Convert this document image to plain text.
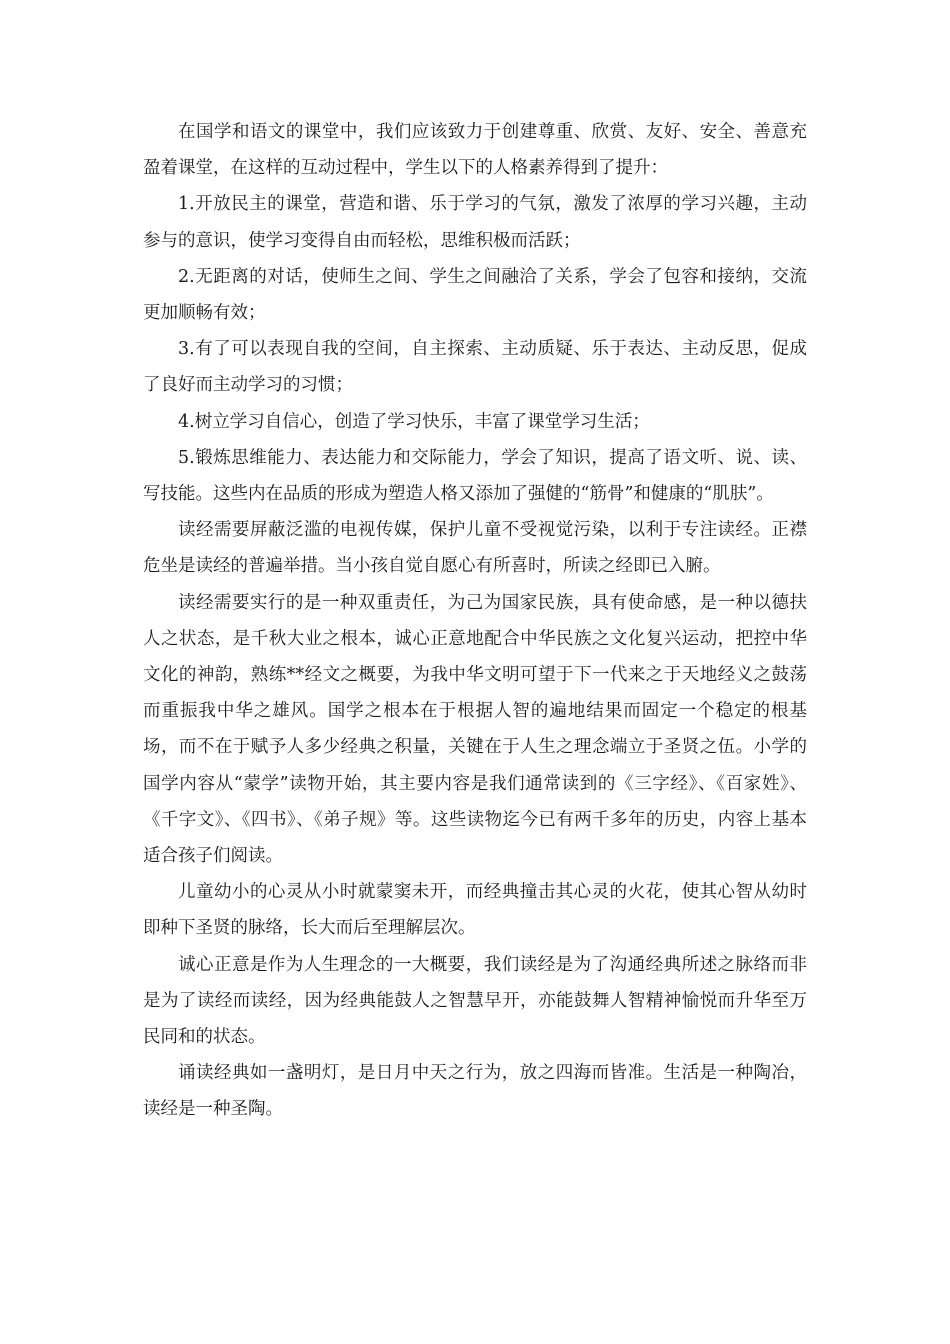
在国学和语文的课堂中，我们应该致力于创建尊重、欣赏、友好、安全、善意充盈着课堂，在这样的互动过程中，学生以下的人格素养得到了提升：

1.开放民主的课堂，营造和谐、乐于学习的气氛，激发了浓厚的学习兴趣，主动参与的意识，使学习变得自由而轻松，思维积极而活跃；

2.无距离的对话，使师生之间、学生之间融洽了关系，学会了包容和接纳，交流更加顺畅有效；

3.有了可以表现自我的空间，自主探索、主动质疑、乐于表达、主动反思，促成了良好而主动学习的习惯；

4.树立学习自信心，创造了学习快乐，丰富了课堂学习生活；

5.锻炼思维能力、表达能力和交际能力，学会了知识，提高了语文听、说、读、写技能。这些内在品质的形成为塑造人格又添加了强健的“筋骨”和健康的“肌肤”。

读经需要屏蔽泛滥的电视传媒，保护儿童不受视觉污染，以利于专注读经。正襟危坐是读经的普遍举措。当小孩自觉自愿心有所喜时，所读之经即已入腑。

读经需要实行的是一种双重责任，为己为国家民族，具有使命感，是一种以德扶人之状态，是千秋大业之根本，诚心正意地配合中华民族之文化复兴运动，把控中华文化的神韵，熟练**经文之概要，为我中华文明可望于下一代来之于天地经义之鼓荡而重振我中华之雄风。国学之根本在于根据人智的遍地结果而固定一个稳定的根基场，而不在于赋予人多少经典之积量，关键在于人生之理念端立于圣贤之伍。小学的国学内容从“蒙学”读物开始，其主要内容是我们通常读到的《三字经》、《百家姓》、《千字文》、《四书》、《弟子规》等。这些读物迄今已有两千多年的历史，内容上基本适合孩子们阅读。

儿童幼小的心灵从小时就蒙窦未开，而经典撞击其心灵的火花，使其心智从幼时即种下圣贤的脉络，长大而后至理解层次。

诚心正意是作为人生理念的一大概要，我们读经是为了沟通经典所述之脉络而非是为了读经而读经，因为经典能鼓人之智慧早开，亦能鼓舞人智精神愉悦而升华至万民同和的状态。

诵读经典如一盏明灯，是日月中天之行为，放之四海而皆准。生活是一种陶冶，读经是一种圣陶。
